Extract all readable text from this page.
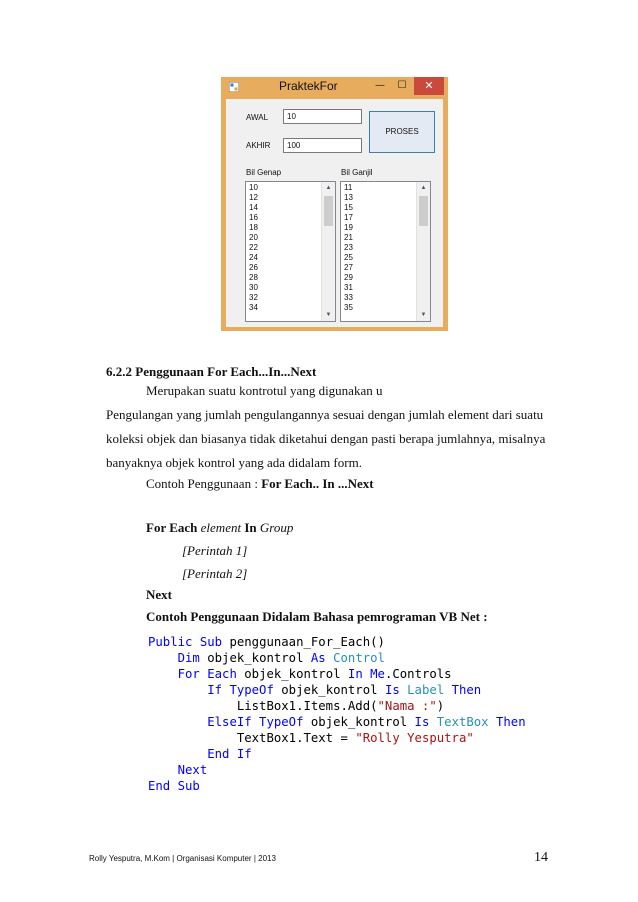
PraktekFor	—	☐	✕
AWAL	10
AKHIR	100
PROSES
Bil Genap	Bil Ganjil
10
12
14
16
18
20
22
24
26
28
30
32
34
▲
▼
11
13
15
17
19
21
23
25
27
29
31
33
35
▲
▼
6.2.2 Penggunaan For Each...In...Next
Merupakan suatu kontrotul yang digunakan u
Pengulangan yang jumlah pengulangannya sesuai dengan jumlah element dari suatu
koleksi objek dan biasanya tidak diketahui dengan pasti berapa jumlahnya, misalnya
banyaknya objek kontrol yang ada didalam form.
Contoh Penggunaan : For Each.. In ...Next
For Each element In Group
[Perintah 1]
[Perintah 2]
Next
Contoh Penggunaan Didalam Bahasa pemrograman VB Net :
Public Sub penggunaan_For_Each()
Dim objek_kontrol As Control
For Each objek_kontrol In Me.Controls
If TypeOf objek_kontrol Is Label Then
ListBox1.Items.Add("Nama :")
ElseIf TypeOf objek_kontrol Is TextBox Then
TextBox1.Text = "Rolly Yesputra"
End If
Next
End Sub
Rolly Yesputra, M.Kom | Organisasi Komputer | 2013	14
